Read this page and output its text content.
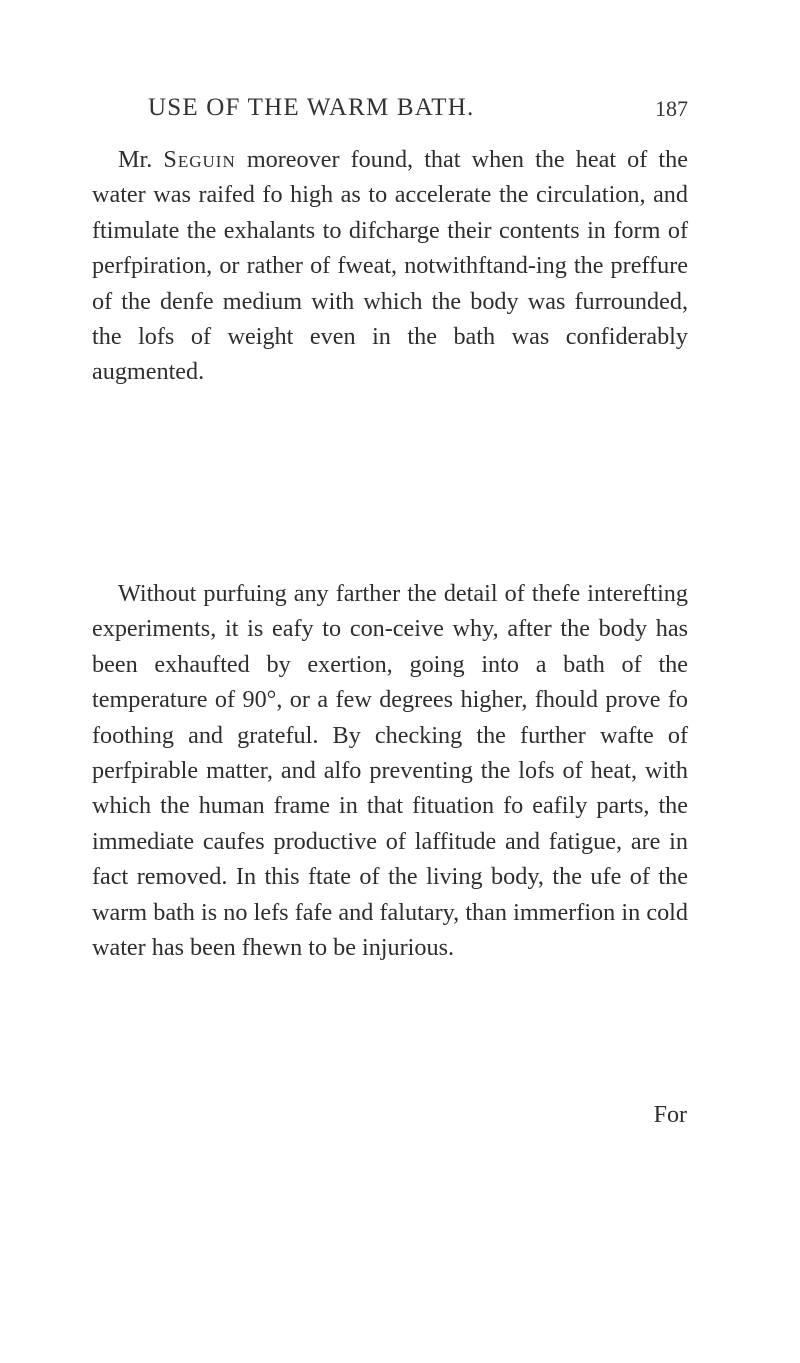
USE OF THE WARM BATH.	187

Mr. Seguin moreover found, that when the heat of the water was raifed fo high as to accelerate the circulation, and ftimulate the exhalants to difcharge their contents in form of perfpiration, or rather of fweat, notwithftand-ing the preffure of the denfe medium with which the body was furrounded, the lofs of weight even in the bath was confiderably augmented.

Without purfuing any farther the detail of thefe interefting experiments, it is eafy to con-ceive why, after the body has been exhaufted by exertion, going into a bath of the temperature of 90°, or a few degrees higher, fhould prove fo foothing and grateful. By checking the further wafte of perfpirable matter, and alfo preventing the lofs of heat, with which the human frame in that fituation fo eafily parts, the immediate caufes productive of laffitude and fatigue, are in fact removed. In this ftate of the living body, the ufe of the warm bath is no lefs fafe and falutary, than immerfion in cold water has been fhewn to be injurious.

For
